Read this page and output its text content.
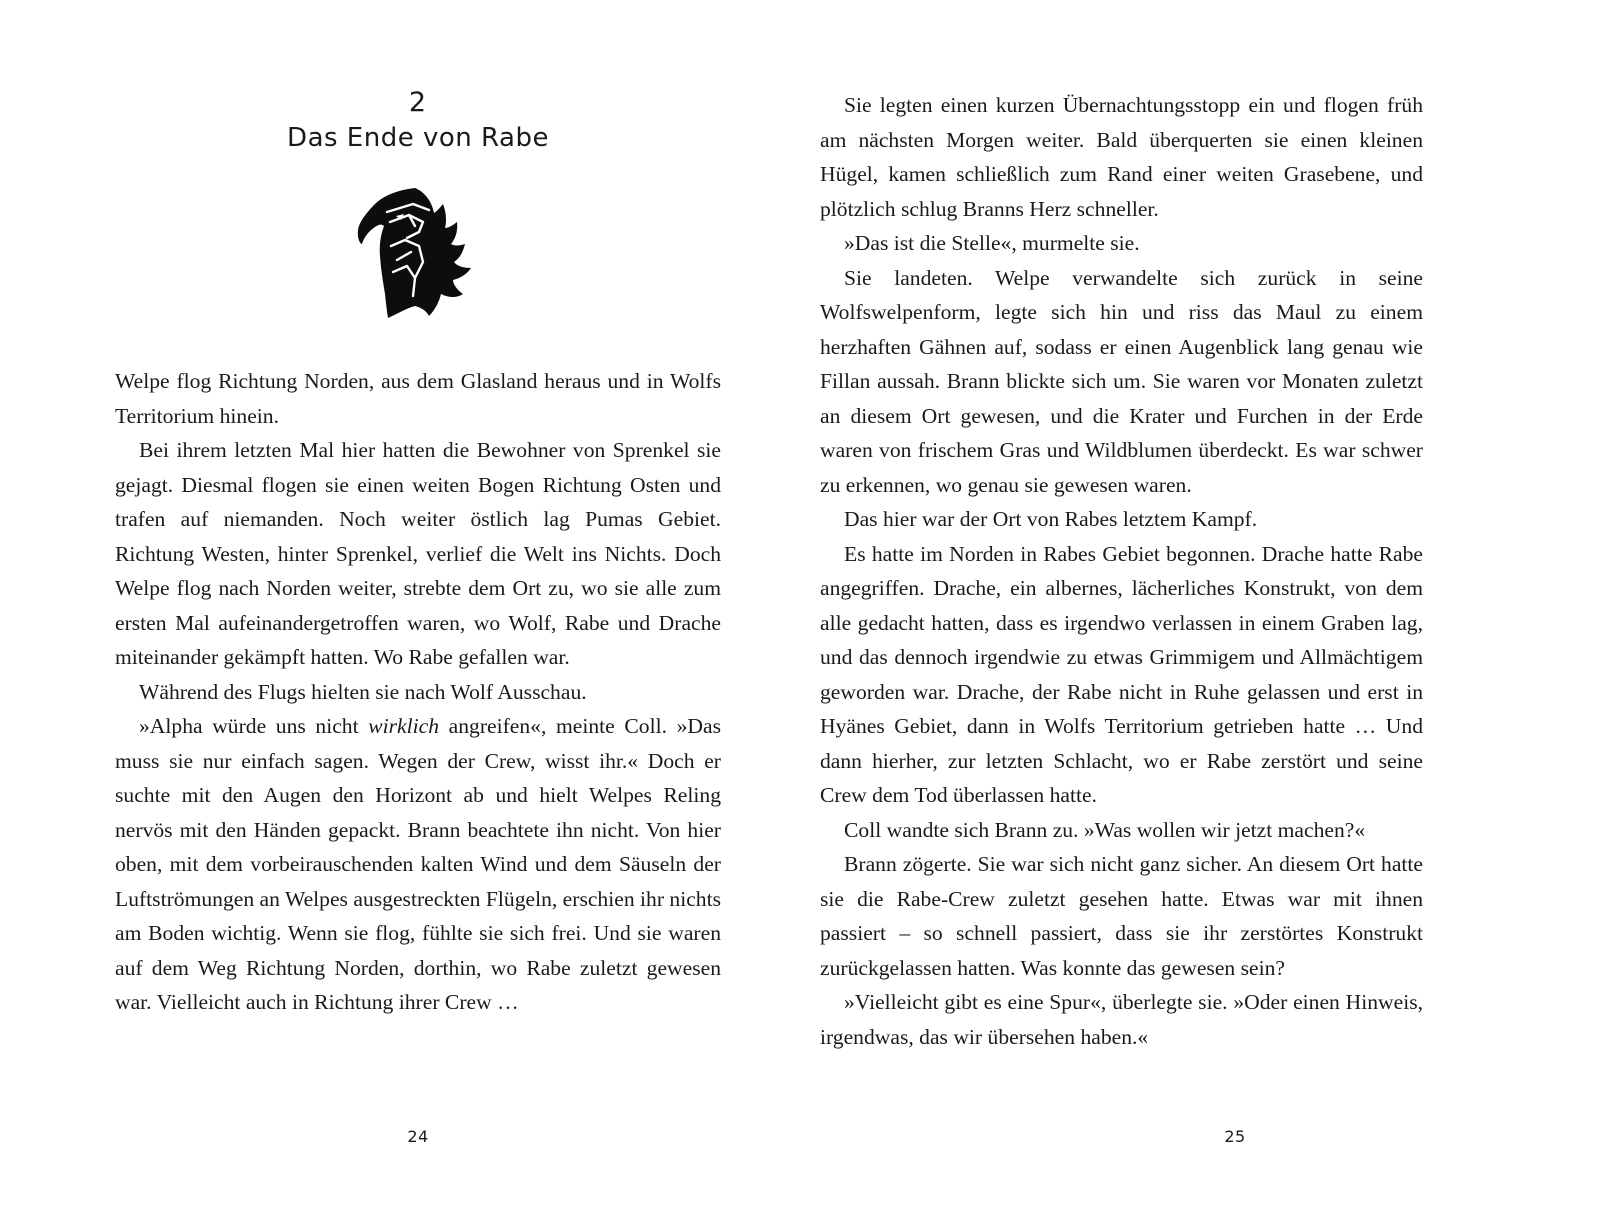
2
Das Ende von Rabe

Welpe flog Richtung Norden, aus dem Glasland heraus und in Wolfs Territorium hinein.

Bei ihrem letzten Mal hier hatten die Bewohner von Sprenkel sie gejagt. Diesmal flogen sie einen weiten Bogen Richtung Osten und trafen auf niemanden. Noch weiter östlich lag Pumas Gebiet. Richtung Westen, hinter Sprenkel, verlief die Welt ins Nichts. Doch Welpe flog nach Norden weiter, strebte dem Ort zu, wo sie alle zum ersten Mal aufeinandergetroffen waren, wo Wolf, Rabe und Drache miteinander gekämpft hatten. Wo Rabe gefallen war.

Während des Flugs hielten sie nach Wolf Ausschau.

»Alpha würde uns nicht wirklich angreifen«, meinte Coll. »Das muss sie nur einfach sagen. Wegen der Crew, wisst ihr.« Doch er suchte mit den Augen den Horizont ab und hielt Welpes Reling nervös mit den Händen gepackt. Brann beachtete ihn nicht. Von hier oben, mit dem vorbeirauschenden kalten Wind und dem Säuseln der Luftströmungen an Welpes ausgestreckten Flügeln, erschien ihr nichts am Boden wichtig. Wenn sie flog, fühlte sie sich frei. Und sie waren auf dem Weg Richtung Norden, dorthin, wo Rabe zuletzt gewesen war. Vielleicht auch in Richtung ihrer Crew …

24

Sie legten einen kurzen Übernachtungsstopp ein und flogen früh am nächsten Morgen weiter. Bald überquerten sie einen kleinen Hügel, kamen schließlich zum Rand einer weiten Grasebene, und plötzlich schlug Branns Herz schneller.

»Das ist die Stelle«, murmelte sie.

Sie landeten. Welpe verwandelte sich zurück in seine Wolfswelpenform, legte sich hin und riss das Maul zu einem herzhaften Gähnen auf, sodass er einen Augenblick lang genau wie Fillan aussah. Brann blickte sich um. Sie waren vor Monaten zuletzt an diesem Ort gewesen, und die Krater und Furchen in der Erde waren von frischem Gras und Wildblumen überdeckt. Es war schwer zu erkennen, wo genau sie gewesen waren.

Das hier war der Ort von Rabes letztem Kampf.

Es hatte im Norden in Rabes Gebiet begonnen. Drache hatte Rabe angegriffen. Drache, ein albernes, lächerliches Konstrukt, von dem alle gedacht hatten, dass es irgendwo verlassen in einem Graben lag, und das dennoch irgendwie zu etwas Grimmigem und Allmächtigem geworden war. Drache, der Rabe nicht in Ruhe gelassen und erst in Hyänes Gebiet, dann in Wolfs Territorium getrieben hatte … Und dann hierher, zur letzten Schlacht, wo er Rabe zerstört und seine Crew dem Tod überlassen hatte.

Coll wandte sich Brann zu. »Was wollen wir jetzt machen?«

Brann zögerte. Sie war sich nicht ganz sicher. An diesem Ort hatte sie die Rabe-Crew zuletzt gesehen hatte. Etwas war mit ihnen passiert – so schnell passiert, dass sie ihr zerstörtes Konstrukt zurückgelassen hatten. Was konnte das gewesen sein?

»Vielleicht gibt es eine Spur«, überlegte sie. »Oder einen Hinweis, irgendwas, das wir übersehen haben.«

25
